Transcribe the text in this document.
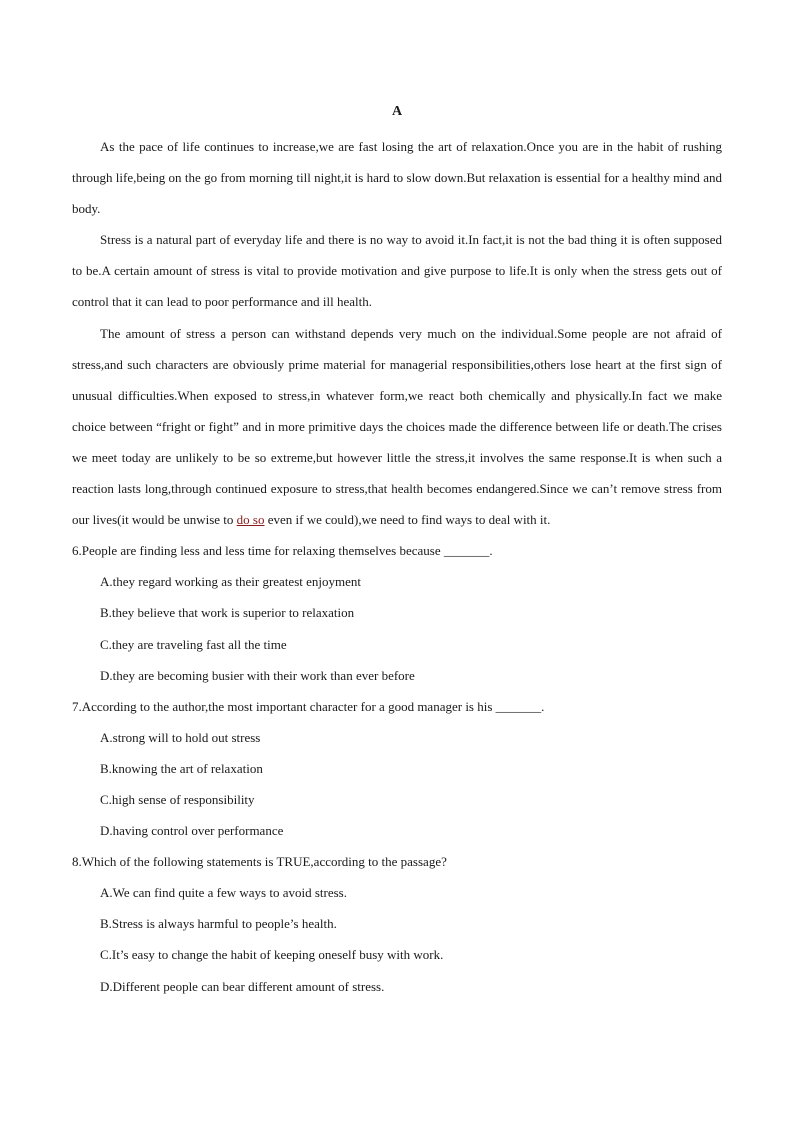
A

As the pace of life continues to increase,we are fast losing the art of relaxation.Once you are in the habit of rushing through life,being on the go from morning till night,it is hard to slow down.But relaxation is essential for a healthy mind and body.

Stress is a natural part of everyday life and there is no way to avoid it.In fact,it is not the bad thing it is often supposed to be.A certain amount of stress is vital to provide motivation and give purpose to life.It is only when the stress gets out of control that it can lead to poor performance and ill health.

The amount of stress a person can withstand depends very much on the individual.Some people are not afraid of stress,and such characters are obviously prime material for managerial responsibilities,others lose heart at the first sign of unusual difficulties.When exposed to stress,in whatever form,we react both chemically and physically.In fact we make choice between “fright or fight” and in more primitive days the choices made the difference between life or death.The crises we meet today are unlikely to be so extreme,but however little the stress,it involves the same response.It is when such a reaction lasts long,through continued exposure to stress,that health becomes endangered.Since we can’t remove stress from our lives(it would be unwise to do so even if we could),we need to find ways to deal with it.

6.People are finding less and less time for relaxing themselves because _______.

A.they regard working as their greatest enjoyment

B.they believe that work is superior to relaxation

C.they are traveling fast all the time

D.they are becoming busier with their work than ever before

7.According to the author,the most important character for a good manager is his _______.

A.strong will to hold out stress

B.knowing the art of relaxation

C.high sense of responsibility

D.having control over performance

8.Which of the following statements is TRUE,according to the passage?

A.We can find quite a few ways to avoid stress.

B.Stress is always harmful to people’s health.

C.It’s easy to change the habit of keeping oneself busy with work.

D.Different people can bear different amount of stress.
